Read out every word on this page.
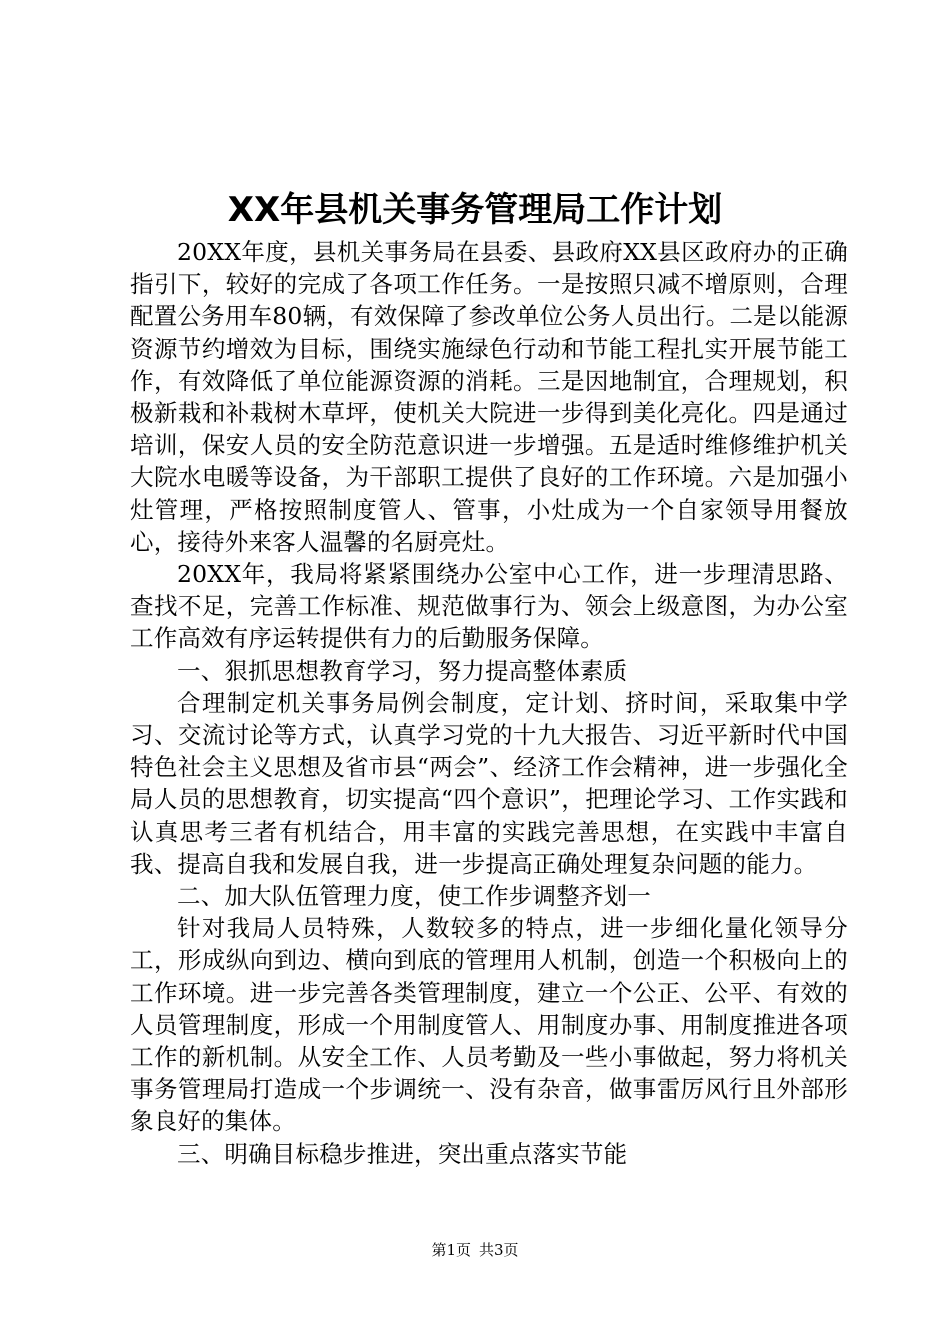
XX年县机关事务管理局工作计划

20XX年度，县机关事务局在县委、县政府XX县区政府办的正确指引下，较好的完成了各项工作任务。一是按照只减不增原则，合理配置公务用车80辆，有效保障了参改单位公务人员出行。二是以能源资源节约增效为目标，围绕实施绿色行动和节能工程扎实开展节能工作，有效降低了单位能源资源的消耗。三是因地制宜，合理规划，积极新栽和补栽树木草坪，使机关大院进一步得到美化亮化。四是通过培训，保安人员的安全防范意识进一步增强。五是适时维修维护机关大院水电暖等设备，为干部职工提供了良好的工作环境。六是加强小灶管理，严格按照制度管人、管事，小灶成为一个自家领导用餐放心，接待外来客人温馨的名厨亮灶。

20XX年，我局将紧紧围绕办公室中心工作，进一步理清思路、查找不足，完善工作标准、规范做事行为、领会上级意图，为办公室工作高效有序运转提供有力的后勤服务保障。

一、狠抓思想教育学习，努力提高整体素质

合理制定机关事务局例会制度，定计划、挤时间，采取集中学习、交流讨论等方式，认真学习党的十九大报告、习近平新时代中国特色社会主义思想及省市县“两会”、经济工作会精神，进一步强化全局人员的思想教育，切实提高“四个意识”，把理论学习、工作实践和认真思考三者有机结合，用丰富的实践完善思想，在实践中丰富自我、提高自我和发展自我，进一步提高正确处理复杂问题的能力。

二、加大队伍管理力度，使工作步调整齐划一

针对我局人员特殊，人数较多的特点，进一步细化量化领导分工，形成纵向到边、横向到底的管理用人机制，创造一个积极向上的工作环境。进一步完善各类管理制度，建立一个公正、公平、有效的人员管理制度，形成一个用制度管人、用制度办事、用制度推进各项工作的新机制。从安全工作、人员考勤及一些小事做起，努力将机关事务管理局打造成一个步调统一、没有杂音，做事雷厉风行且外部形象良好的集体。

三、明确目标稳步推进，突出重点落实节能

第1页 共3页
